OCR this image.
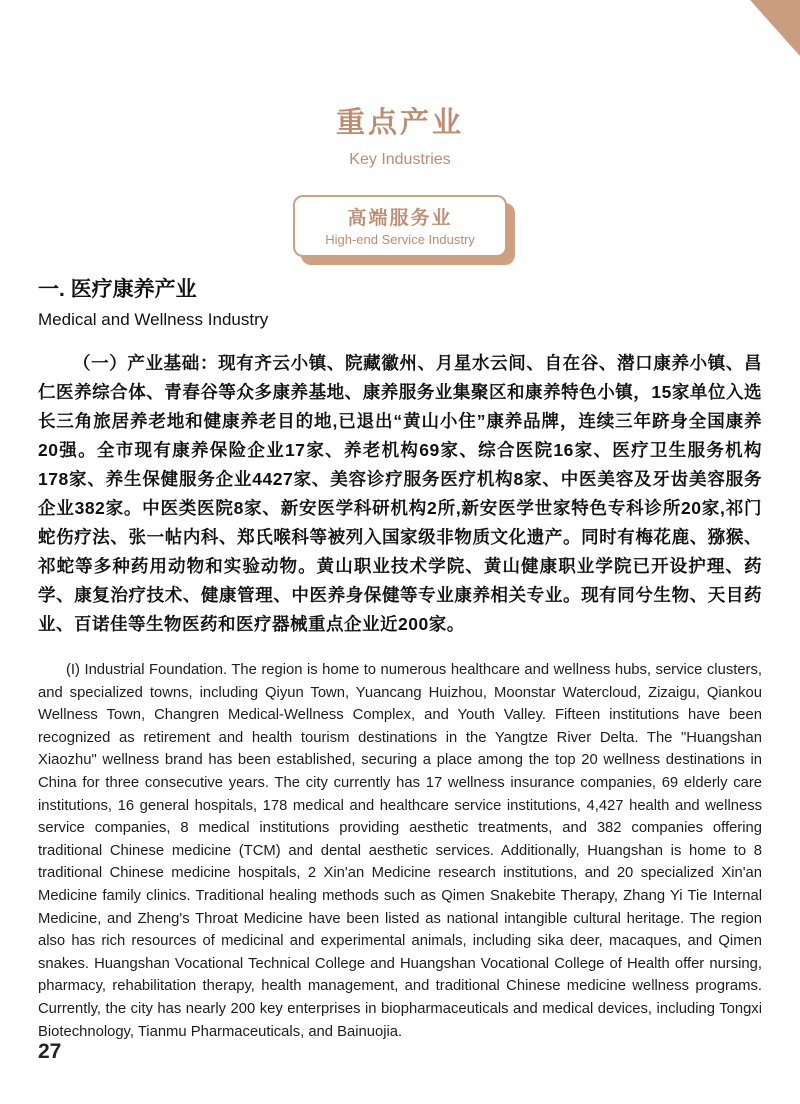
重点产业
Key Industries
高端服务业
High-end Service Industry
一. 医疗康养产业
Medical and Wellness Industry

（一）产业基础：现有齐云小镇、院藏徽州、月星水云间、自在谷、潜口康养小镇、昌仁医养综合体、青春谷等众多康养基地、康养服务业集聚区和康养特色小镇，15家单位入选长三角旅居养老地和健康养老目的地,已退出“黄山小住”康养品牌，连续三年跻身全国康养20强。全市现有康养保险企业17家、养老机构69家、综合医院16家、医疗卫生服务机构178家、养生保健服务企业4427家、美容诊疗服务医疗机构8家、中医美容及牙齿美容服务企业382家。中医类医院8家、新安医学科研机构2所,新安医学世家特色专科诊所20家,祁门蛇伤疗法、张一帖内科、郑氏喉科等被列入国家级非物质文化遗产。同时有梅花鹿、猕猴、祁蛇等多种药用动物和实验动物。黄山职业技术学院、黄山健康职业学院已开设护理、药学、康复治疗技术、健康管理、中医养身保健等专业康养相关专业。现有同兮生物、天目药业、百诺佳等生物医药和医疗器械重点企业近200家。

(I) Industrial Foundation. The region is home to numerous healthcare and wellness hubs, service clusters, and specialized towns, including Qiyun Town, Yuancang Huizhou, Moonstar Watercloud, Zizaigu, Qiankou Wellness Town, Changren Medical-Wellness Complex, and Youth Valley. Fifteen institutions have been recognized as retirement and health tourism destinations in the Yangtze River Delta. The "Huangshan Xiaozhu" wellness brand has been established, securing a place among the top 20 wellness destinations in China for three consecutive years. The city currently has 17 wellness insurance companies, 69 elderly care institutions, 16 general hospitals, 178 medical and healthcare service institutions, 4,427 health and wellness service companies, 8 medical institutions providing aesthetic treatments, and 382 companies offering traditional Chinese medicine (TCM) and dental aesthetic services. Additionally, Huangshan is home to 8 traditional Chinese medicine hospitals, 2 Xin'an Medicine research institutions, and 20 specialized Xin'an Medicine family clinics. Traditional healing methods such as Qimen Snakebite Therapy, Zhang Yi Tie Internal Medicine, and Zheng's Throat Medicine have been listed as national intangible cultural heritage. The region also has rich resources of medicinal and experimental animals, including sika deer, macaques, and Qimen snakes. Huangshan Vocational Technical College and Huangshan Vocational College of Health offer nursing, pharmacy, rehabilitation therapy, health management, and traditional Chinese medicine wellness programs. Currently, the city has nearly 200 key enterprises in biopharmaceuticals and medical devices, including Tongxi Biotechnology, Tianmu Pharmaceuticals, and Bainuojia.

27
